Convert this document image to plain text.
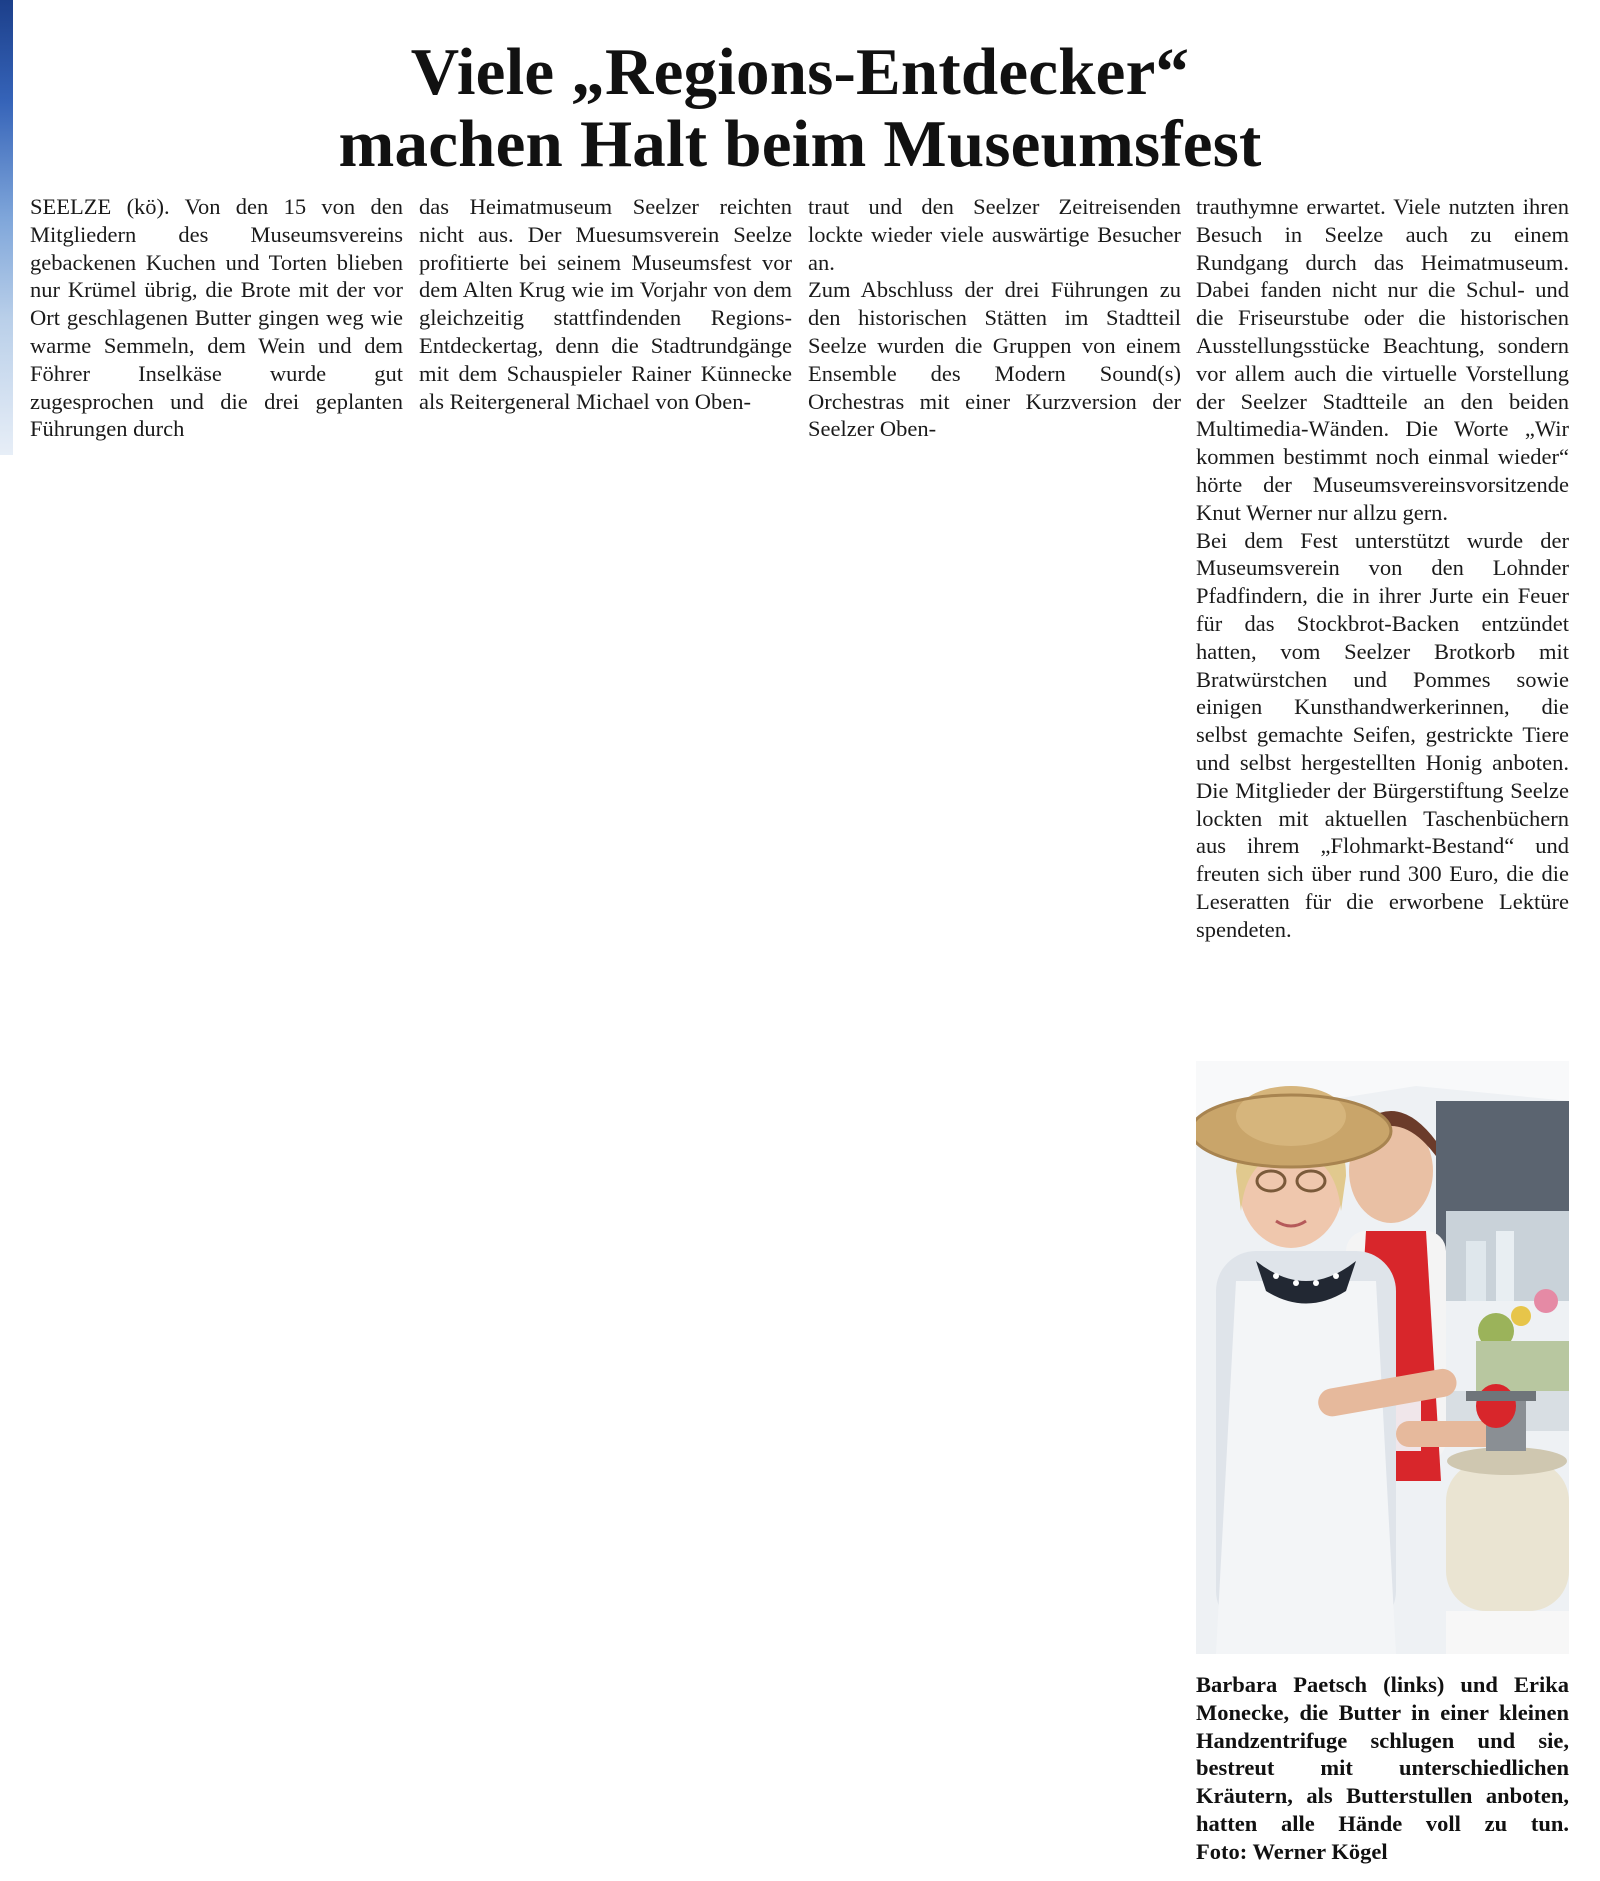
Viele „Regions-Entdecker“
machen Halt beim Museumsfest

SEELZE (kö). Von den 15 von den Mitgliedern des Museumsvereins gebackenen Kuchen und Torten blieben nur Krümel übrig, die Brote mit der vor Ort geschlagenen Butter gingen weg wie warme Semmeln, dem Wein und dem Föhrer Inselkäse wurde gut zugesprochen und die drei geplanten Führungen durch

das Heimatmuseum Seelzer reichten nicht aus. Der Muesumsverein Seelze profitierte bei seinem Museumsfest vor dem Alten Krug wie im Vorjahr von dem gleichzeitig stattfindenden Regions-Entdeckertag, denn die Stadtrundgänge mit dem Schauspieler Rainer Künnecke als Reitergeneral Michael von Oben-

traut und den Seelzer Zeitreisenden lockte wieder viele auswärtige Besucher an.

Zum Abschluss der drei Führungen zu den historischen Stätten im Stadtteil Seelze wurden die Gruppen von einem Ensemble des Modern Sound(s) Orchestras mit einer Kurzversion der Seelzer Oben-

trauthymne erwartet. Viele nutzten ihren Besuch in Seelze auch zu einem Rundgang durch das Heimatmuseum. Dabei fanden nicht nur die Schul- und die Friseurstube oder die historischen Ausstellungsstücke Beachtung, sondern vor allem auch die virtuelle Vorstellung der Seelzer Stadtteile an den beiden Multimedia-Wänden. Die Worte „Wir kommen bestimmt noch einmal wieder“ hörte der Museumsvereinsvorsitzende Knut Werner nur allzu gern.

Bei dem Fest unterstützt wurde der Museumsverein von den Lohnder Pfadfindern, die in ihrer Jurte ein Feuer für das Stockbrot-Backen entzündet hatten, vom Seelzer Brotkorb mit Bratwürstchen und Pommes sowie einigen Kunsthandwerkerinnen, die selbst gemachte Seifen, gestrickte Tiere und selbst hergestellten Honig anboten. Die Mitglieder der Bürgerstiftung Seelze lockten mit aktuellen Taschenbüchern aus ihrem „Flohmarkt-Bestand“ und freuten sich über rund 300 Euro, die die Leseratten für die erworbene Lektüre spendeten.

Barbara Paetsch (links) und Erika Monecke, die Butter in einer kleinen Handzentrifuge schlugen und sie, bestreut mit unterschiedlichen Kräutern, als Butterstullen anboten, hatten alle Hände voll zu tun. Foto: Werner Kögel
